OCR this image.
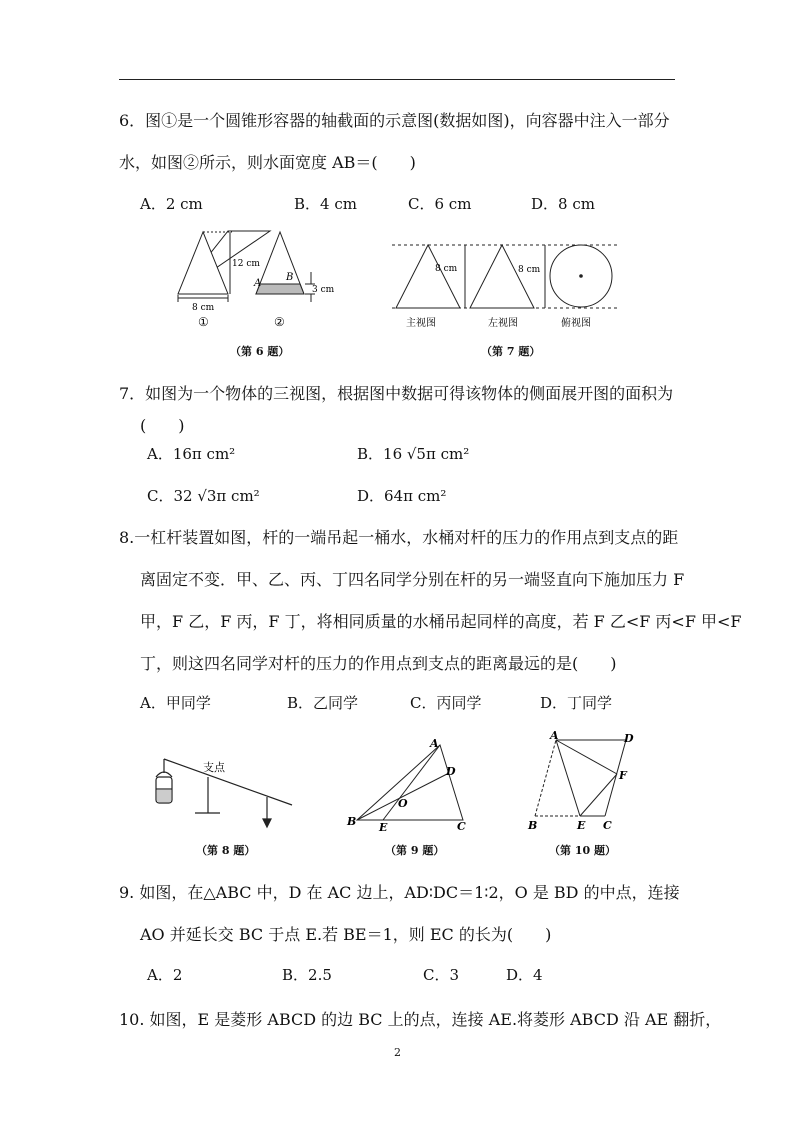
6．图①是一个圆锥形容器的轴截面的示意图(数据如图)，向容器中注入一部分
水，如图②所示，则水面宽度 AB＝(　　)
A．2 cm	B．4 cm	C．6 cm	D．8 cm
12 cm
8 cm
①	②
A
B
3 cm
（第 6 题）
8 cm	8 cm
主视图	左视图	俯视图
（第 7 题）
7．如图为一个物体的三视图，根据图中数据可得该物体的侧面展开图的面积为
(　　)
A．16π cm²	B．16 √5π cm²
C．32 √3π cm²	D．64π cm²
8.一杠杆装置如图，杆的一端吊起一桶水，水桶对杆的压力的作用点到支点的距
离固定不变．甲、乙、丙、丁四名同学分别在杆的另一端竖直向下施加压力 F
甲，F 乙，F 丙，F 丁，将相同质量的水桶吊起同样的高度，若 F 乙<F 丙<F 甲<F
丁，则这四名同学对杆的压力的作用点到支点的距离最远的是(　　)
A．甲同学	B．乙同学	C．丙同学	D．丁同学
支点
（第 8 题）
A
B	C
D
E
O
（第 9 题）
A
B	C
D
E
F
（第 10 题）
9. 如图，在△ABC 中，D 在 AC 边上，AD∶DC＝1∶2，O 是 BD 的中点，连接
AO 并延长交 BC 于点 E.若 BE＝1，则 EC 的长为(　　)
A．2	B．2.5	C．3	D．4
10. 如图，E 是菱形 ABCD 的边 BC 上的点，连接 AE.将菱形 ABCD 沿 AE 翻折，
2
